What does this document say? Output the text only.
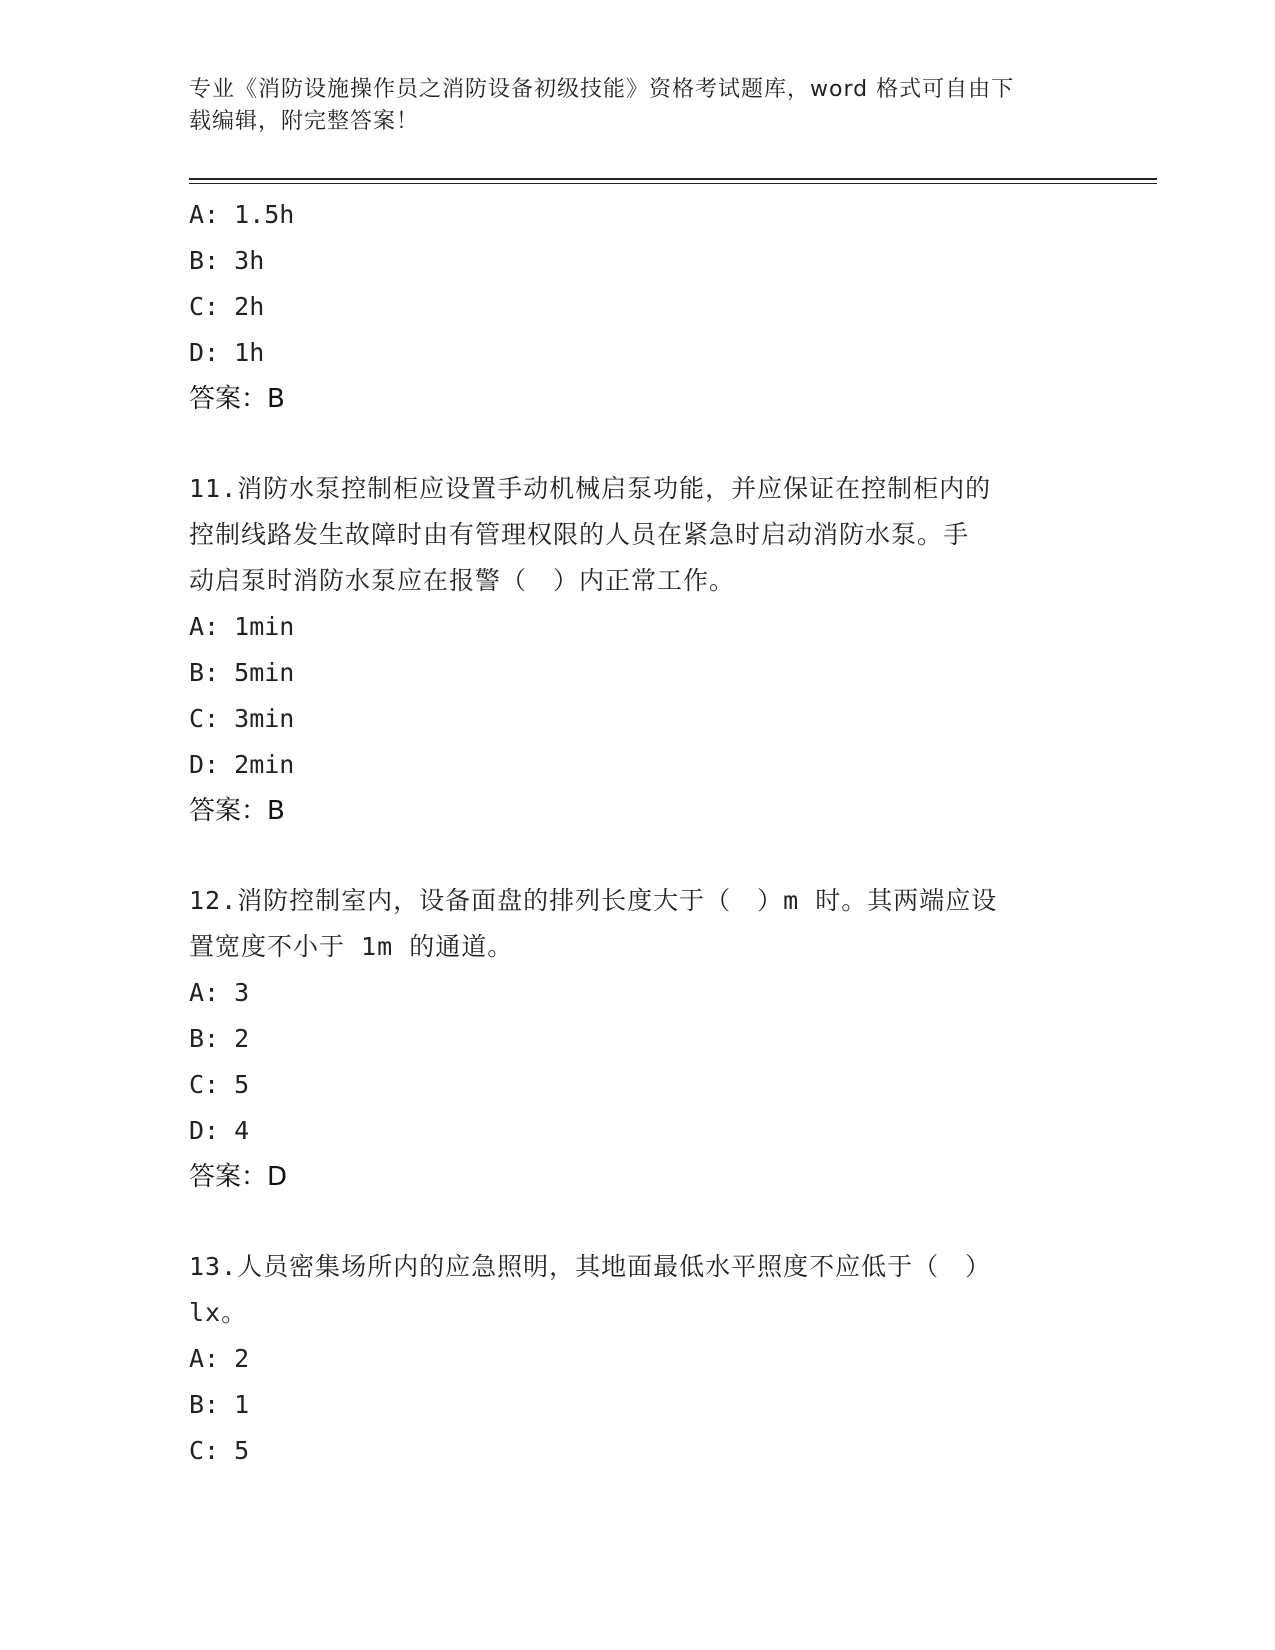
专业《消防设施操作员之消防设备初级技能》资格考试题库，word 格式可自由下
载编辑，附完整答案！
A: 1.5h
B: 3h
C: 2h
D: 1h
答案：B
11.消防水泵控制柜应设置手动机械启泵功能，并应保证在控制柜内的
控制线路发生故障时由有管理权限的人员在紧急时启动消防水泵。手
动启泵时消防水泵应在报警（　）内正常工作。
A: 1min
B: 5min
C: 3min
D: 2min
答案：B
12.消防控制室内，设备面盘的排列长度大于（　）m 时。其两端应设
置宽度不小于 1m 的通道。
A: 3
B: 2
C: 5
D: 4
答案：D
13.人员密集场所内的应急照明，其地面最低水平照度不应低于（　）
lx。
A: 2
B: 1
C: 5
